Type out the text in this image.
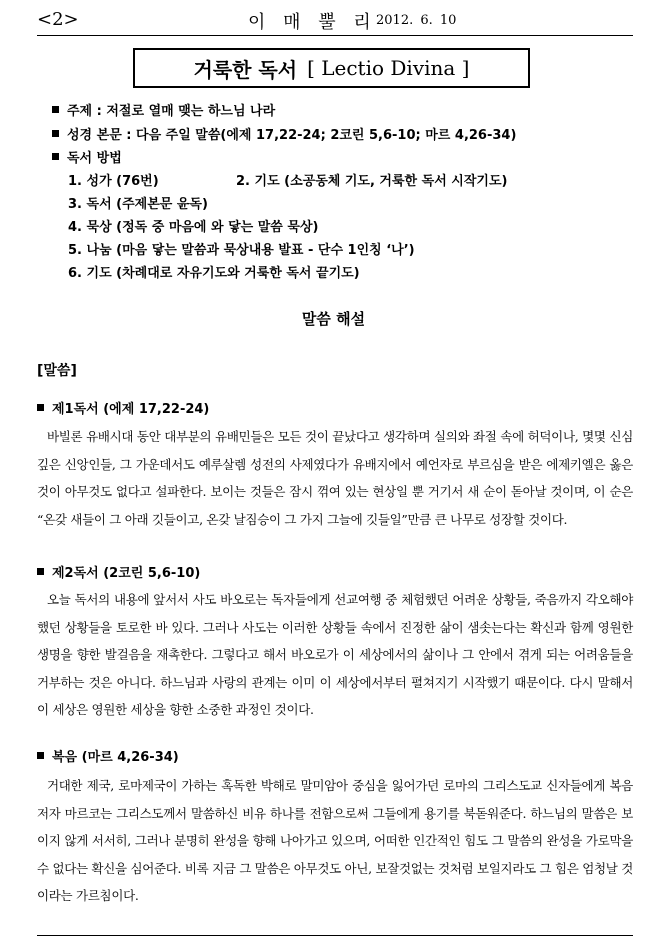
<2>	이 매 뿔 리 2012. 6. 10
거룩한 독서 [ Lectio Divina ]
주제 : 저절로 열매 맺는 하느님 나라
성경 본문 : 다음 주일 말씀(에제 17,22-24; 2코린 5,6-10; 마르 4,26-34)
독서 방법
1. 성가 (76번)	2. 기도 (소공동체 기도, 거룩한 독서 시작기도)
3. 독서 (주제본문 윤독)
4. 묵상 (정독 중 마음에 와 닿는 말씀 묵상)
5. 나눔 (마음 닿는 말씀과 묵상내용 발표 - 단수 1인칭 ‘나’)
6. 기도 (차례대로 자유기도와 거룩한 독서 끝기도)
말씀 해설
[말씀]
제1독서 (에제 17,22-24)
바빌론 유배시대 동안 대부분의 유배민들은 모든 것이 끝났다고 생각하며 실의와 좌절 속에 허덕이나, 몇몇 신심 깊은 신앙인들, 그 가운데서도 예루살렘 성전의 사제였다가 유배지에서 예언자로 부르심을 받은 에제키엘은 옳은 것이 아무것도 없다고 설파한다. 보이는 것들은 잠시 꺾여 있는 현상일 뿐 거기서 새 순이 돋아날 것이며, 이 순은 “온갖 새들이 그 아래 깃들이고, 온갖 날짐승이 그 가지 그늘에 깃들일”만큼 큰 나무로 성장할 것이다.
제2독서 (2코린 5,6-10)
오늘 독서의 내용에 앞서서 사도 바오로는 독자들에게 선교여행 중 체험했던 어려운 상황들, 죽음까지 각오해야 했던 상황들을 토로한 바 있다. 그러나 사도는 이러한 상황들 속에서 진정한 삶이 샘솟는다는 확신과 함께 영원한 생명을 향한 발걸음을 재촉한다. 그렇다고 해서 바오로가 이 세상에서의 삶이나 그 안에서 겪게 되는 어려움들을 거부하는 것은 아니다. 하느님과 사랑의 관계는 이미 이 세상에서부터 펼쳐지기 시작했기 때문이다. 다시 말해서 이 세상은 영원한 세상을 향한 소중한 과정인 것이다.
복음 (마르 4,26-34)
거대한 제국, 로마제국이 가하는 혹독한 박해로 말미암아 중심을 잃어가던 로마의 그리스도교 신자들에게 복음저자 마르코는 그리스도께서 말씀하신 비유 하나를 전함으로써 그들에게 용기를 북돋워준다. 하느님의 말씀은 보이지 않게 서서히, 그러나 분명히 완성을 향해 나아가고 있으며, 어떠한 인간적인 힘도 그 말씀의 완성을 가로막을 수 없다는 확신을 심어준다. 비록 지금 그 말씀은 아무것도 아닌, 보잘것없는 것처럼 보일지라도 그 힘은 엄청날 것이라는 가르침이다.
